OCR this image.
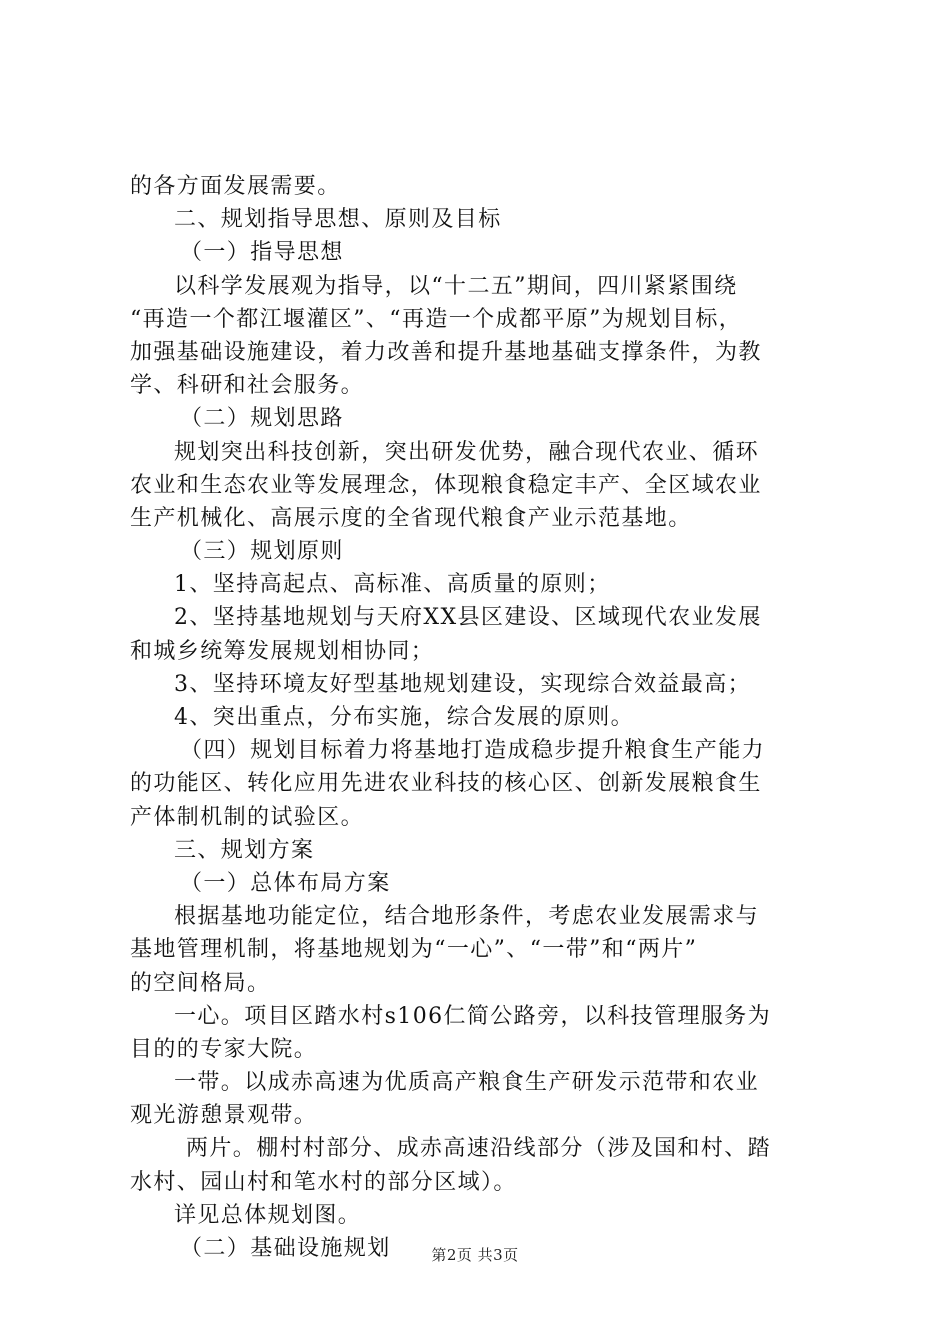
的各方面发展需要。
二、规划指导思想、原则及目标
（一）指导思想
以科学发展观为指导，以“十二五”期间，四川紧紧围绕
“再造一个都江堰灌区”、“再造一个成都平原”为规划目标，
加强基础设施建设，着力改善和提升基地基础支撑条件，为教
学、科研和社会服务。
（二）规划思路
规划突出科技创新，突出研发优势，融合现代农业、循环
农业和生态农业等发展理念，体现粮食稳定丰产、全区域农业
生产机械化、高展示度的全省现代粮食产业示范基地。
（三）规划原则
1、坚持高起点、高标准、高质量的原则；
2、坚持基地规划与天府XX县区建设、区域现代农业发展
和城乡统筹发展规划相协同；
3、坚持环境友好型基地规划建设，实现综合效益最高；
4、突出重点，分布实施，综合发展的原则。
（四）规划目标着力将基地打造成稳步提升粮食生产能力
的功能区、转化应用先进农业科技的核心区、创新发展粮食生
产体制机制的试验区。
三、规划方案
（一）总体布局方案
根据基地功能定位，结合地形条件，考虑农业发展需求与
基地管理机制，将基地规划为“一心”、“一带”和“两片”
的空间格局。
一心。项目区踏水村s106仁简公路旁，以科技管理服务为
目的的专家大院。
一带。以成赤高速为优质高产粮食生产研发示范带和农业
观光游憩景观带。
两片。棚村村部分、成赤高速沿线部分（涉及国和村、踏
水村、园山村和笔水村的部分区域）。
详见总体规划图。
（二）基础设施规划	第2页 共3页
